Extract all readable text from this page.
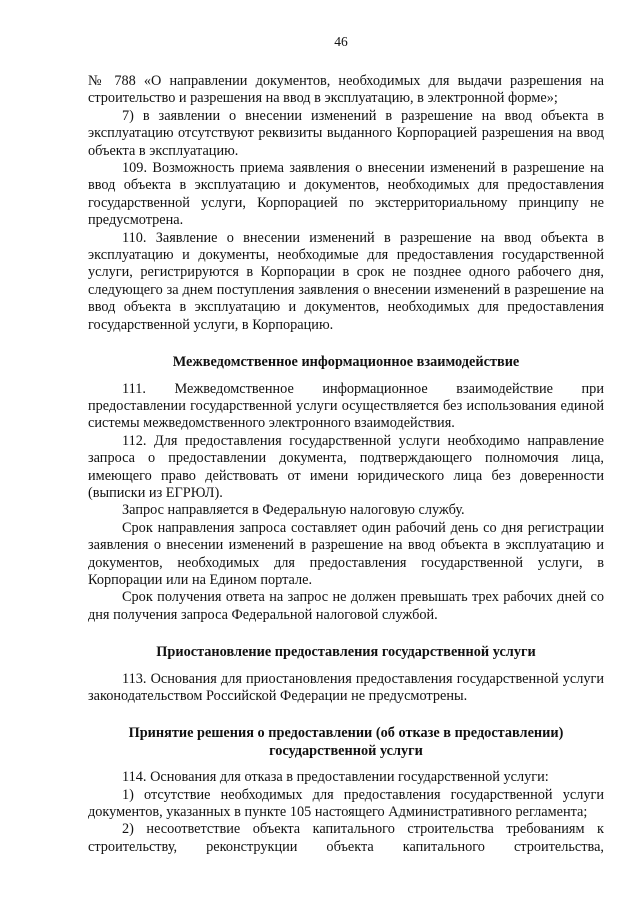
46

№ 788 «О направлении документов, необходимых для выдачи разрешения на строительство и разрешения на ввод в эксплуатацию, в электронной форме»;

7) в заявлении о внесении изменений в разрешение на ввод объекта в эксплуатацию отсутствуют реквизиты выданного Корпорацией разрешения на ввод объекта в эксплуатацию.

109. Возможность приема заявления о внесении изменений в разрешение на ввод объекта в эксплуатацию и документов, необходимых для предоставления государственной услуги, Корпорацией по экстерриториальному принципу не предусмотрена.

110. Заявление о внесении изменений в разрешение на ввод объекта в эксплуатацию и документы, необходимые для предоставления государственной услуги, регистрируются в Корпорации в срок не позднее одного рабочего дня, следующего за днем поступления заявления о внесении изменений в разрешение на ввод объекта в эксплуатацию и документов, необходимых для предоставления государственной услуги, в Корпорацию.

Межведомственное информационное взаимодействие

111. Межведомственное информационное взаимодействие при предоставлении государственной услуги осуществляется без использования единой системы межведомственного электронного взаимодействия.

112. Для предоставления государственной услуги необходимо направление запроса о предоставлении документа, подтверждающего полномочия лица, имеющего право действовать от имени юридического лица без доверенности (выписки из ЕГРЮЛ).

Запрос направляется в Федеральную налоговую службу.

Срок направления запроса составляет один рабочий день со дня регистрации заявления о внесении изменений в разрешение на ввод объекта в эксплуатацию и документов, необходимых для предоставления государственной услуги, в Корпорации или на Едином портале.

Срок получения ответа на запрос не должен превышать трех рабочих дней со дня получения запроса Федеральной налоговой службой.

Приостановление предоставления государственной услуги

113. Основания для приостановления предоставления государственной услуги законодательством Российской Федерации не предусмотрены.

Принятие решения о предоставлении (об отказе в предоставлении) государственной услуги

114. Основания для отказа в предоставлении государственной услуги:

1) отсутствие необходимых для предоставления государственной услуги документов, указанных в пункте 105 настоящего Административного регламента;

2) несоответствие объекта капитального строительства требованиям к строительству, реконструкции объекта капитального строительства,
